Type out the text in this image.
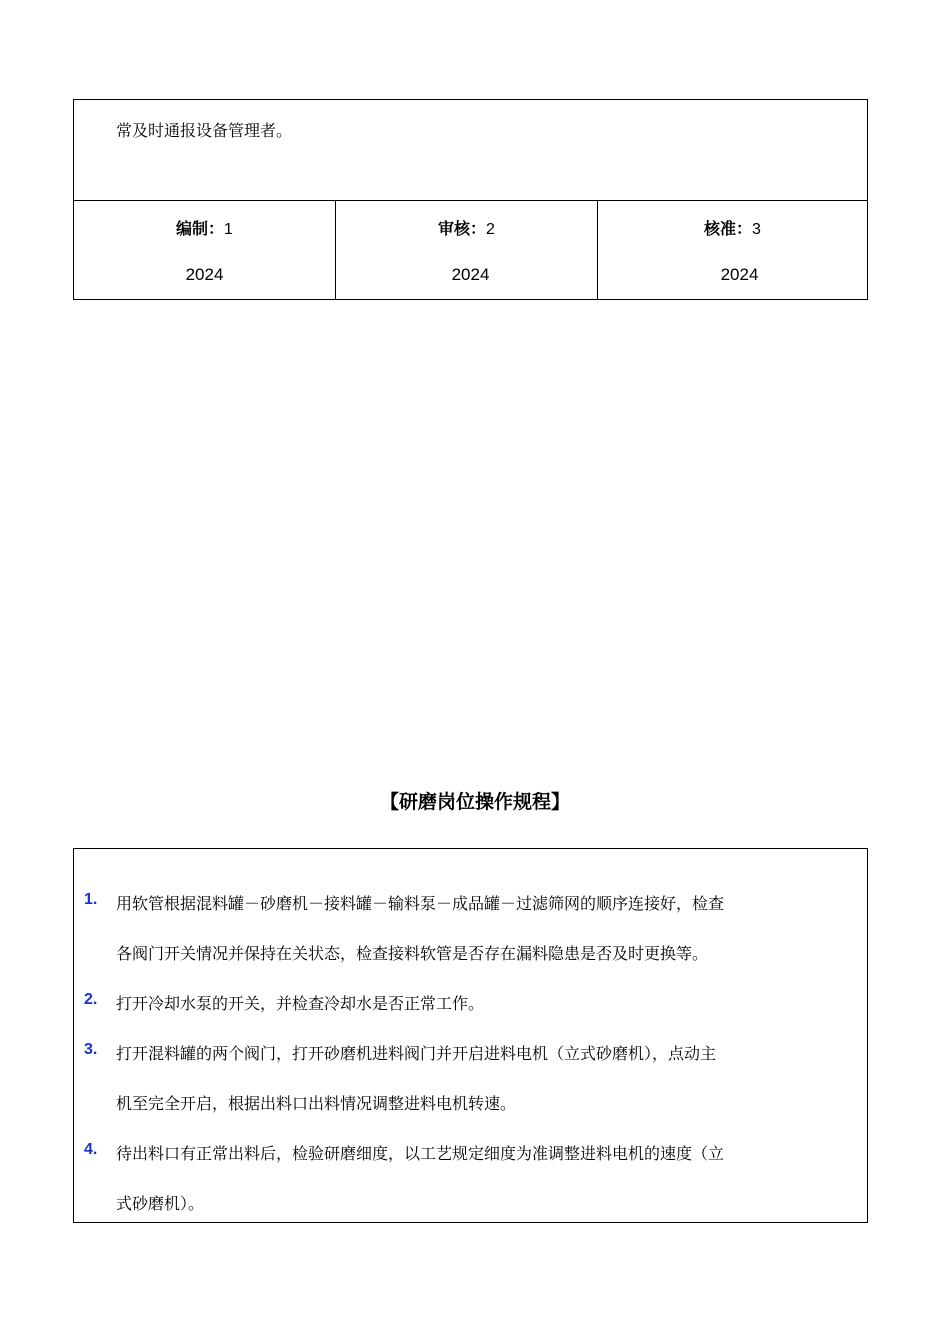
常及时通报设备管理者。
编制：1
2024
审核：2
2024
核准：3
2024
【研磨岗位操作规程】
1. 用软管根据混料罐－砂磨机－接料罐－输料泵－成品罐－过滤筛网的顺序连接好，检查
各阀门开关情况并保持在关状态，检查接料软管是否存在漏料隐患是否及时更换等。
2. 打开冷却水泵的开关，并检查冷却水是否正常工作。
3. 打开混料罐的两个阀门，打开砂磨机进料阀门并开启进料电机（立式砂磨机），点动主
机至完全开启，根据出料口出料情况调整进料电机转速。
4. 待出料口有正常出料后，检验研磨细度，以工艺规定细度为准调整进料电机的速度（立
式砂磨机）。
